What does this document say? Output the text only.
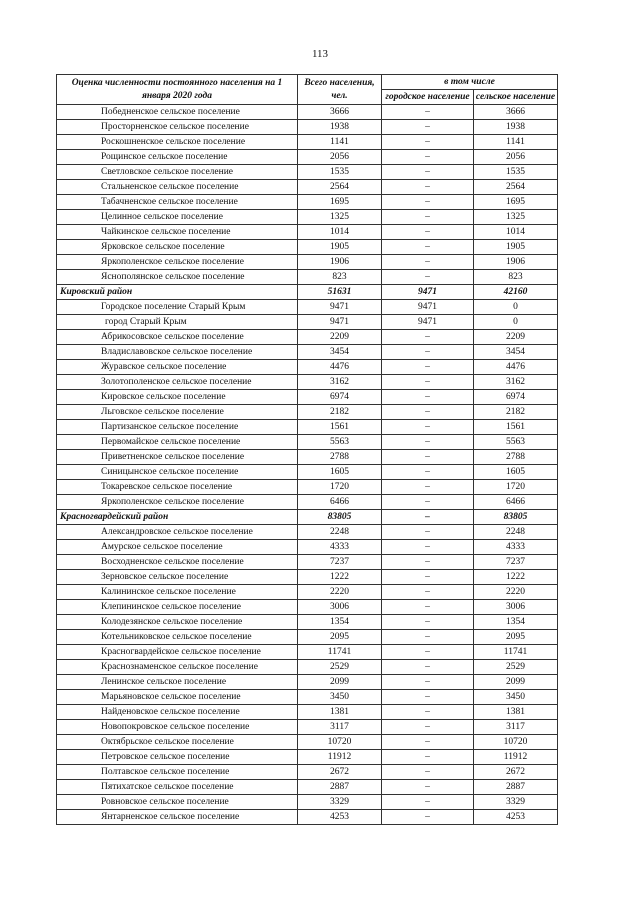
113
Оценка численности постоянного населения на 1 января 2020 года	Всего населения, чел.	в том числе	
		городское население	сельское население
Победненское сельское поселение	3666	–	3666
Просторненское сельское поселение	1938	–	1938
Роскошненское сельское поселение	1141	–	1141
Рощинское сельское поселение	2056	–	2056
Светловское сельское поселение	1535	–	1535
Стальненское сельское поселение	2564	–	2564
Табачненское сельское поселение	1695	–	1695
Целинное сельское поселение	1325	–	1325
Чайкинское сельское поселение	1014	–	1014
Ярковское сельское поселение	1905	–	1905
Яркополенское сельское поселение	1906	–	1906
Яснополянское сельское поселение	823	–	823
Кировский район	51631	9471	42160
Городское поселение Старый Крым	9471	9471	0
город Старый Крым	9471	9471	0
Абрикосовское сельское поселение	2209	–	2209
Владиславовское сельское поселение	3454	–	3454
Журавское сельское поселение	4476	–	4476
Золотополенское сельское поселение	3162	–	3162
Кировское сельское поселение	6974	–	6974
Льговское сельское поселение	2182	–	2182
Партизанское сельское поселение	1561	–	1561
Первомайское сельское поселение	5563	–	5563
Приветненское сельское поселение	2788	–	2788
Синицынское сельское поселение	1605	–	1605
Токаревское сельское поселение	1720	–	1720
Яркополенское сельское поселение	6466	–	6466
Красногвардейский район	83805	–	83805
Александровское сельское поселение	2248	–	2248
Амурское сельское поселение	4333	–	4333
Восходненское сельское поселение	7237	–	7237
Зерновское сельское поселение	1222	–	1222
Калининское сельское поселение	2220	–	2220
Клепининское сельское поселение	3006	–	3006
Колодезянское сельское поселение	1354	–	1354
Котельниковское сельское поселение	2095	–	2095
Красногвардейское сельское поселение	11741	–	11741
Краснознаменское сельское поселение	2529	–	2529
Ленинское сельское поселение	2099	–	2099
Марьяновское сельское поселение	3450	–	3450
Найденовское сельское поселение	1381	–	1381
Новопокровское сельское поселение	3117	–	3117
Октябрьское сельское поселение	10720	–	10720
Петровское сельское поселение	11912	–	11912
Полтавское сельское поселение	2672	–	2672
Пятихатское сельское поселение	2887	–	2887
Ровновское сельское поселение	3329	–	3329
Янтарненское сельское поселение	4253	–	4253
